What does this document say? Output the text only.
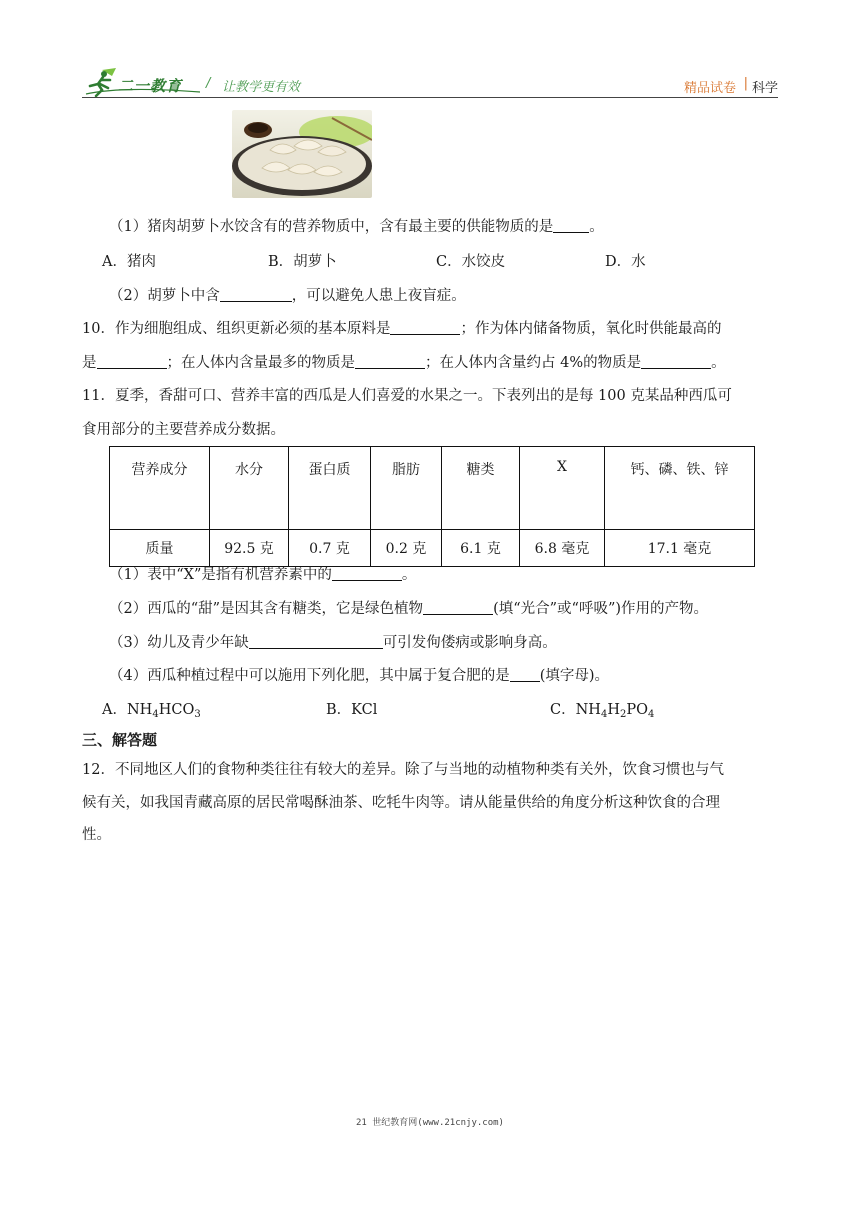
二一教育 / 让教学更有效	精品试卷 | 科学
（1）猪肉胡萝卜水饺含有的营养物质中，含有最主要的供能物质的是 。
A．猪肉	B．胡萝卜	C．水饺皮	D．水
（2）胡萝卜中含	，可以避免人患上夜盲症。
10．作为细胞组成、组织更新必须的基本原料是	；作为体内储备物质，氧化时供能最高的
是	；在人体内含量最多的物质是	；在人体内含量约占 4%的物质是	。
11．夏季，香甜可口、营养丰富的西瓜是人们喜爱的水果之一。下表列出的是每 100 克某品种西瓜可
食用部分的主要营养成分数据。
营养成分	水分	蛋白质	脂肪	糖类	X	钙、磷、铁、锌
质量	92.5 克	0.7 克	0.2 克	6.1 克	6.8 毫克	17.1 毫克
（1）表中“X”是指有机营养素中的	。
（2）西瓜的“甜”是因其含有糖类，它是绿色植物	(填“光合”或“呼吸”)作用的产物。
（3）幼儿及青少年缺	可引发佝偻病或影响身高。
（4）西瓜种植过程中可以施用下列化肥，其中属于复合肥的是 (填字母)。
A．$NH_4HCO_3$	B．KCl	C．$NH_4H_2PO_4$
三、解答题
12．不同地区人们的食物种类往往有较大的差异。除了与当地的动植物种类有关外，饮食习惯也与气
候有关，如我国青藏高原的居民常喝酥油茶、吃牦牛肉等。请从能量供给的角度分析这种饮食的合理
性。
21 世纪教育网(www.21cnjy.com)
